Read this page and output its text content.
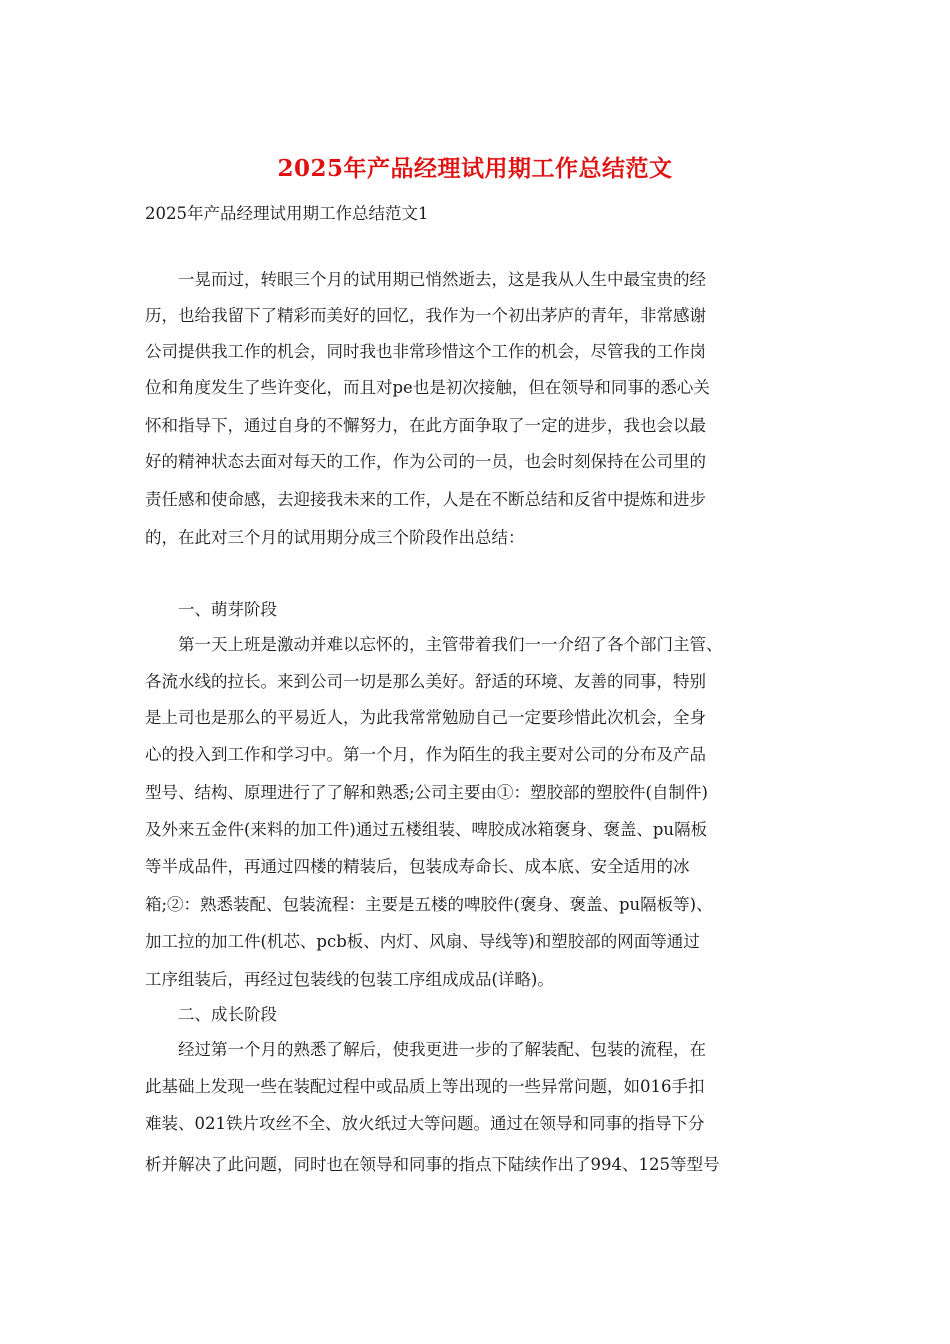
2025年产品经理试用期工作总结范文
2025年产品经理试用期工作总结范文1
　　一晃而过，转眼三个月的试用期已悄然逝去，这是我从人生中最宝贵的经
历，也给我留下了精彩而美好的回忆，我作为一个初出茅庐的青年，非常感谢
公司提供我工作的机会，同时我也非常珍惜这个工作的机会，尽管我的工作岗
位和角度发生了些许变化，而且对pe也是初次接触，但在领导和同事的悉心关
怀和指导下，通过自身的不懈努力，在此方面争取了一定的进步，我也会以最
好的精神状态去面对每天的工作，作为公司的一员，也会时刻保持在公司里的
责任感和使命感，去迎接我未来的工作，人是在不断总结和反省中提炼和进步
的，在此对三个月的试用期分成三个阶段作出总结：
　　一、萌芽阶段
　　第一天上班是激动并难以忘怀的，主管带着我们一一介绍了各个部门主管、
各流水线的拉长。来到公司一切是那么美好。舒适的环境、友善的同事，特别
是上司也是那么的平易近人，为此我常常勉励自己一定要珍惜此次机会，全身
心的投入到工作和学习中。第一个月，作为陌生的我主要对公司的分布及产品
型号、结构、原理进行了了解和熟悉;公司主要由①：塑胶部的塑胶件(自制件)
及外来五金件(来料的加工件)通过五楼组装、啤胶成冰箱褒身、褒盖、pu隔板
等半成品件，再通过四楼的精装后，包装成寿命长、成本底、安全适用的冰
箱;②：熟悉装配、包装流程：主要是五楼的啤胶件(褒身、褒盖、pu隔板等)、
加工拉的加工件(机芯、pcb板、内灯、风扇、导线等)和塑胶部的网面等通过
工序组装后，再经过包装线的包装工序组成成品(详略)。
　　二、成长阶段
　　经过第一个月的熟悉了解后，使我更进一步的了解装配、包装的流程，在
此基础上发现一些在装配过程中或品质上等出现的一些异常问题，如016手扣
难装、021铁片攻丝不全、放火纸过大等问题。通过在领导和同事的指导下分
析并解决了此问题，同时也在领导和同事的指点下陆续作出了994、125等型号
